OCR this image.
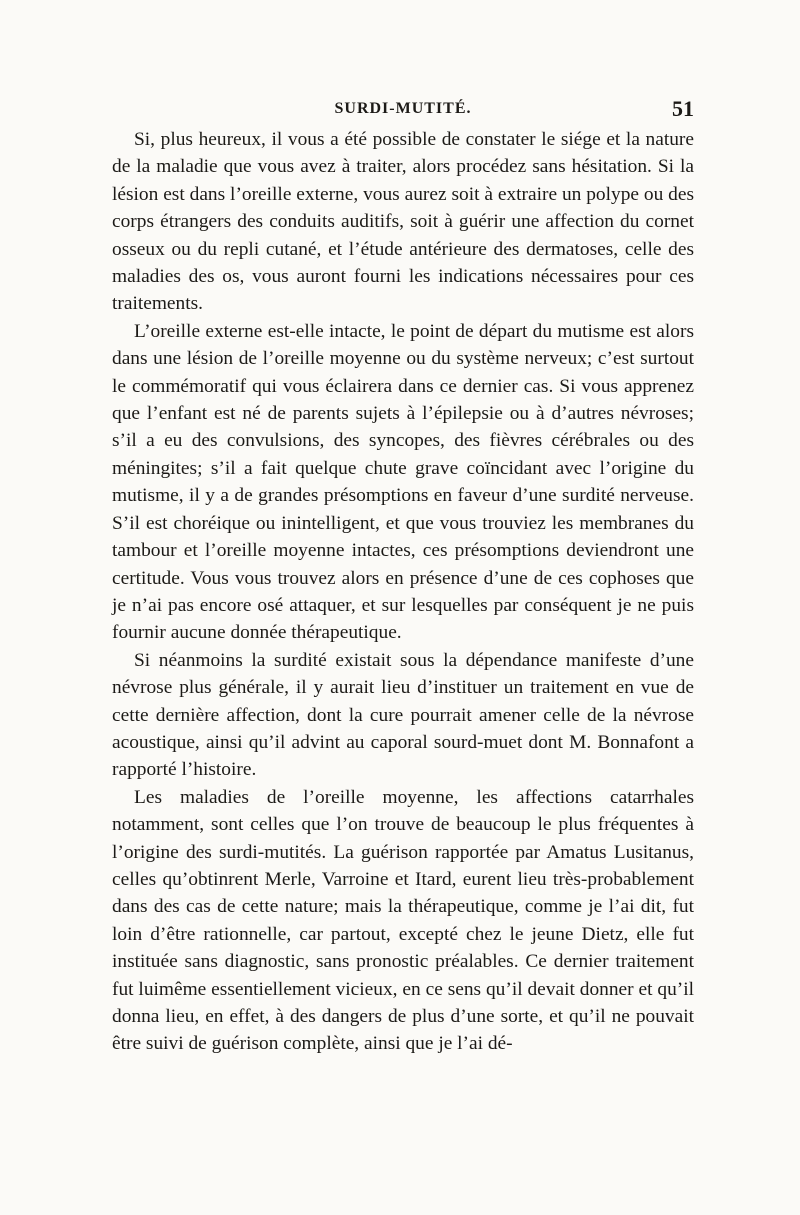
SURDI-MUTITÉ.	51

Si, plus heureux, il vous a été possible de constater le siége et la nature de la maladie que vous avez à traiter, alors procédez sans hésitation. Si la lésion est dans l’oreille externe, vous aurez soit à extraire un polype ou des corps étrangers des conduits auditifs, soit à guérir une affection du cornet osseux ou du repli cutané, et l’étude antérieure des dermatoses, celle des maladies des os, vous auront fourni les indications nécessaires pour ces traitements.

L’oreille externe est-elle intacte, le point de départ du mutisme est alors dans une lésion de l’oreille moyenne ou du système nerveux; c’est surtout le commémoratif qui vous éclairera dans ce dernier cas. Si vous apprenez que l’enfant est né de parents sujets à l’épilepsie ou à d’autres névroses; s’il a eu des convulsions, des syncopes, des fièvres cérébrales ou des méningites; s’il a fait quelque chute grave coïncidant avec l’origine du mutisme, il y a de grandes présomptions en faveur d’une surdité nerveuse. S’il est choréique ou inintelligent, et que vous trouviez les membranes du tambour et l’oreille moyenne intactes, ces présomptions deviendront une certitude. Vous vous trouvez alors en présence d’une de ces cophoses que je n’ai pas encore osé attaquer, et sur lesquelles par conséquent je ne puis fournir aucune donnée thérapeutique.

Si néanmoins la surdité existait sous la dépendance manifeste d’une névrose plus générale, il y aurait lieu d’instituer un traitement en vue de cette dernière affection, dont la cure pourrait amener celle de la névrose acoustique, ainsi qu’il advint au caporal sourd-muet dont M. Bonnafont a rapporté l’histoire.

Les maladies de l’oreille moyenne, les affections catarrhales notamment, sont celles que l’on trouve de beaucoup le plus fréquentes à l’origine des surdi-mutités. La guérison rapportée par Amatus Lusitanus, celles qu’obtinrent Merle, Varroine et Itard, eurent lieu très-probablement dans des cas de cette nature; mais la thérapeutique, comme je l’ai dit, fut loin d’être rationnelle, car partout, excepté chez le jeune Dietz, elle fut instituée sans diagnostic, sans pronostic préalables. Ce dernier traitement fut luimême essentiellement vicieux, en ce sens qu’il devait donner et qu’il donna lieu, en effet, à des dangers de plus d’une sorte, et qu’il ne pouvait être suivi de guérison complète, ainsi que je l’ai dé-
